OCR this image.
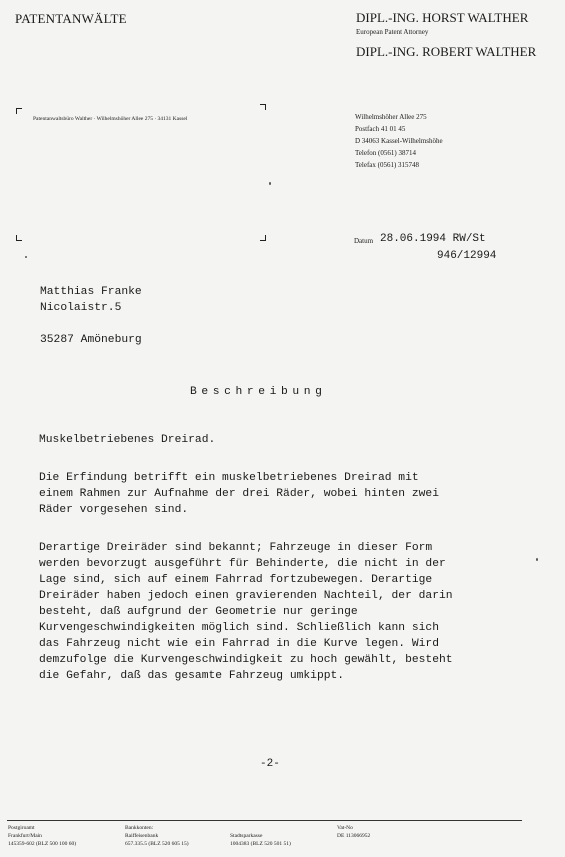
PATENTANWÄLTE	DIPL.-ING. HORST WALTHER
European Patent Attorney
DIPL.-ING. ROBERT WALTHER
Patentanwaltsbüro Walther · Wilhelmshöher Allee 275 · 34131 Kassel	Wilhelmshöher Allee 275
Postfach 41 01 45
D 34063 Kassel-Wilhelmshöhe
Telefon (0561) 38714
Telefax (0561) 315748
Datum 28.06.1994 RW/St
946/12994
Matthias Franke
Nicolaistr.5
35287 Amöneburg
Beschreibung
Muskelbetriebenes Dreirad.
Die Erfindung betrifft ein muskelbetriebenes Dreirad mit
einem Rahmen zur Aufnahme der drei Räder, wobei hinten zwei
Räder vorgesehen sind.
Derartige Dreiräder sind bekannt; Fahrzeuge in dieser Form
werden bevorzugt ausgeführt für Behinderte, die nicht in der
Lage sind, sich auf einem Fahrrad fortzubewegen. Derartige
Dreiräder haben jedoch einen gravierenden Nachteil, der darin
besteht, daß aufgrund der Geometrie nur geringe
Kurvengeschwindigkeiten möglich sind. Schließlich kann sich
das Fahrzeug nicht wie ein Fahrrad in die Kurve legen. Wird
demzufolge die Kurvengeschwindigkeit zu hoch gewählt, besteht
die Gefahr, daß das gesamte Fahrzeug umkippt.
-2-
Postgiroamt
Frankfurt/Main
145359-602 (BLZ 500 100 60)
Bankkonten:
Raiffeisenbank
657.335.5 (BLZ 520 605 15)
Stadtsparkasse
1004383 (BLZ 520 501 51)
Vat-No
DE 113066952
